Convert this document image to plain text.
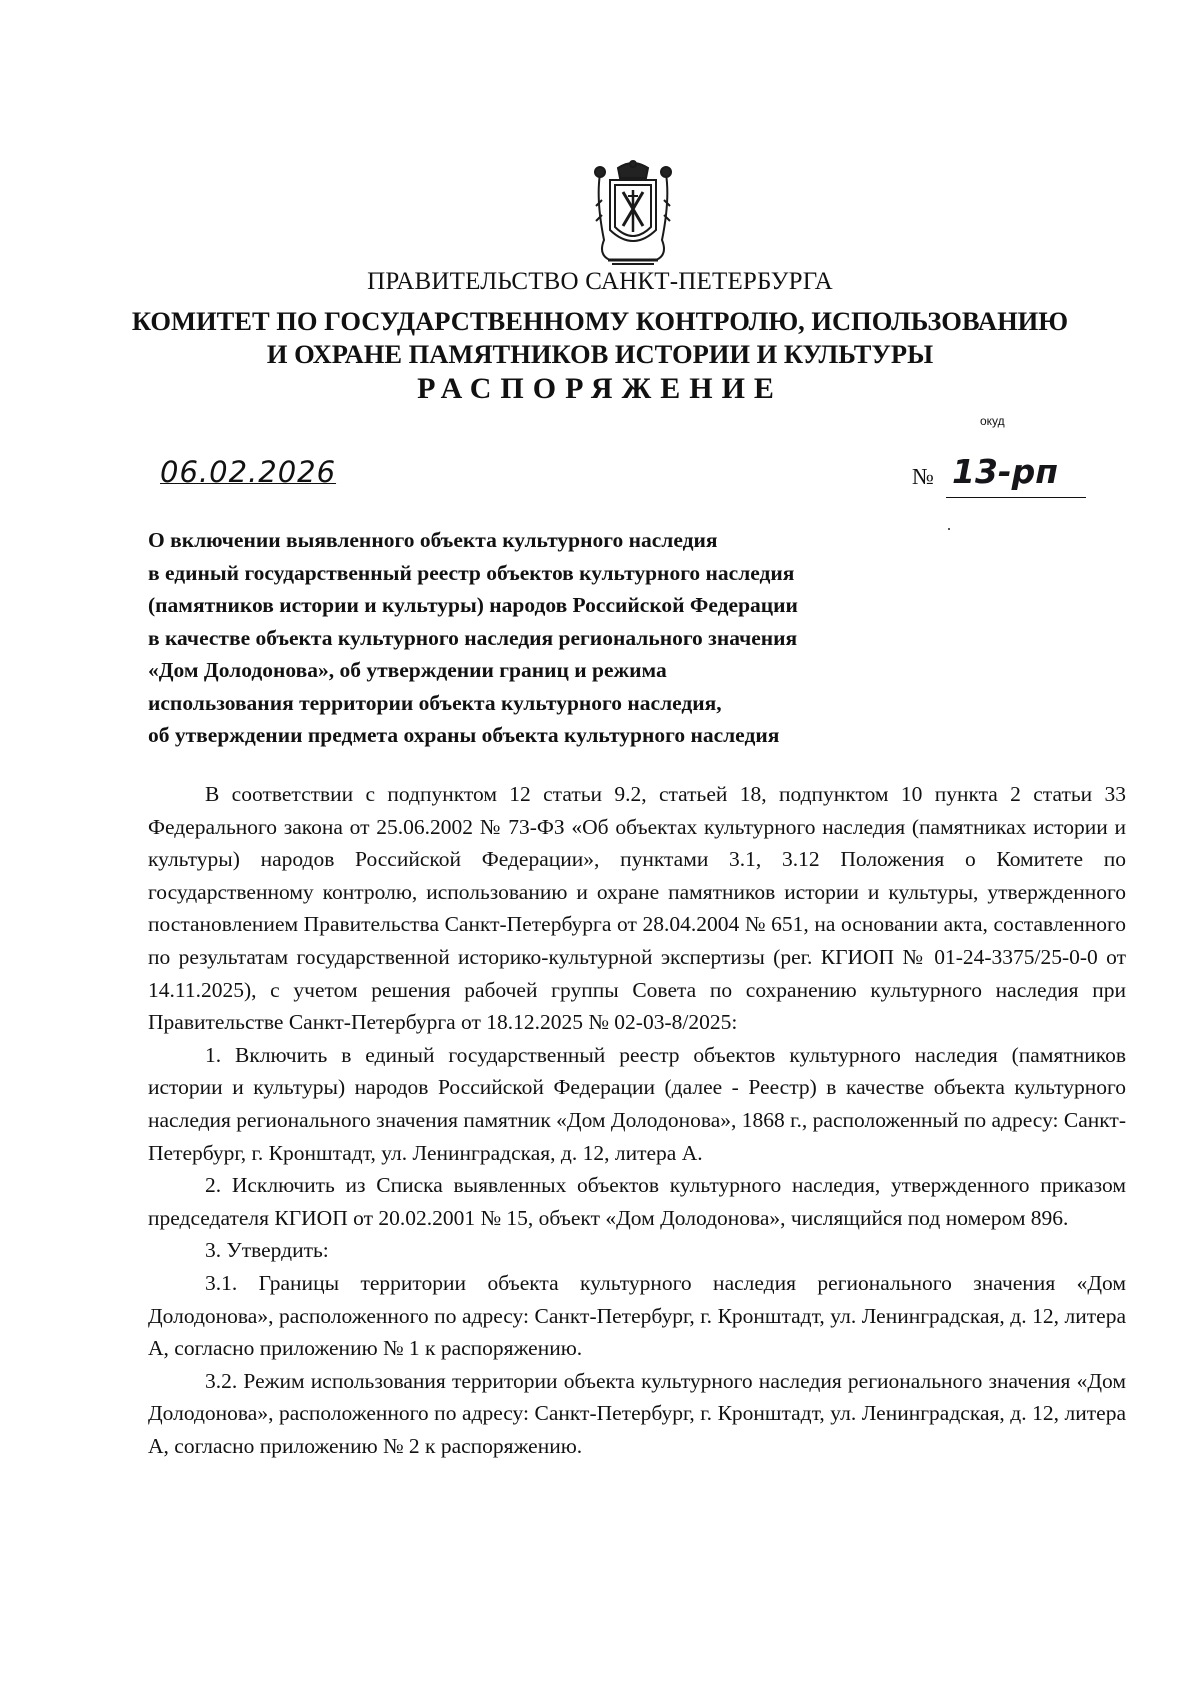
ПРАВИТЕЛЬСТВО САНКТ-ПЕТЕРБУРГА
КОМИТЕТ ПО ГОСУДАРСТВЕННОМУ КОНТРОЛЮ, ИСПОЛЬЗОВАНИЮ
И ОХРАНЕ ПАМЯТНИКОВ ИСТОРИИ И КУЛЬТУРЫ
РАСПОРЯЖЕНИЕ
окуд
06.02.2026	№ 13-рп
О включении выявленного объекта культурного наследия
в единый государственный реестр объектов культурного наследия
(памятников истории и культуры) народов Российской Федерации
в качестве объекта культурного наследия регионального значения
«Дом Долодонова», об утверждении границ и режима
использования территории объекта культурного наследия,
об утверждении предмета охраны объекта культурного наследия

В соответствии с подпунктом 12 статьи 9.2, статьей 18, подпунктом 10 пункта 2 статьи 33 Федерального закона от 25.06.2002 № 73-ФЗ «Об объектах культурного наследия (памятниках истории и культуры) народов Российской Федерации», пунктами 3.1, 3.12 Положения о Комитете по государственному контролю, использованию и охране памятников истории и культуры, утвержденного постановлением Правительства Санкт-Петербурга от 28.04.2004 № 651, на основании акта, составленного по результатам государственной историко-культурной экспертизы (рег. КГИОП № 01-24-3375/25-0-0 от 14.11.2025), с учетом решения рабочей группы Совета по сохранению культурного наследия при Правительстве Санкт-Петербурга от 18.12.2025 № 02-03-8/2025:

1. Включить в единый государственный реестр объектов культурного наследия (памятников истории и культуры) народов Российской Федерации (далее - Реестр) в качестве объекта культурного наследия регионального значения памятник «Дом Долодонова», 1868 г., расположенный по адресу: Санкт-Петербург, г. Кронштадт, ул. Ленинградская, д. 12, литера А.

2. Исключить из Списка выявленных объектов культурного наследия, утвержденного приказом председателя КГИОП от 20.02.2001 № 15, объект «Дом Долодонова», числящийся под номером 896.

3. Утвердить:

3.1. Границы территории объекта культурного наследия регионального значения «Дом Долодонова», расположенного по адресу: Санкт-Петербург, г. Кронштадт, ул. Ленинградская, д. 12, литера А, согласно приложению № 1 к распоряжению.

3.2. Режим использования территории объекта культурного наследия регионального значения «Дом Долодонова», расположенного по адресу: Санкт-Петербург, г. Кронштадт, ул. Ленинградская, д. 12, литера А, согласно приложению № 2 к распоряжению.
